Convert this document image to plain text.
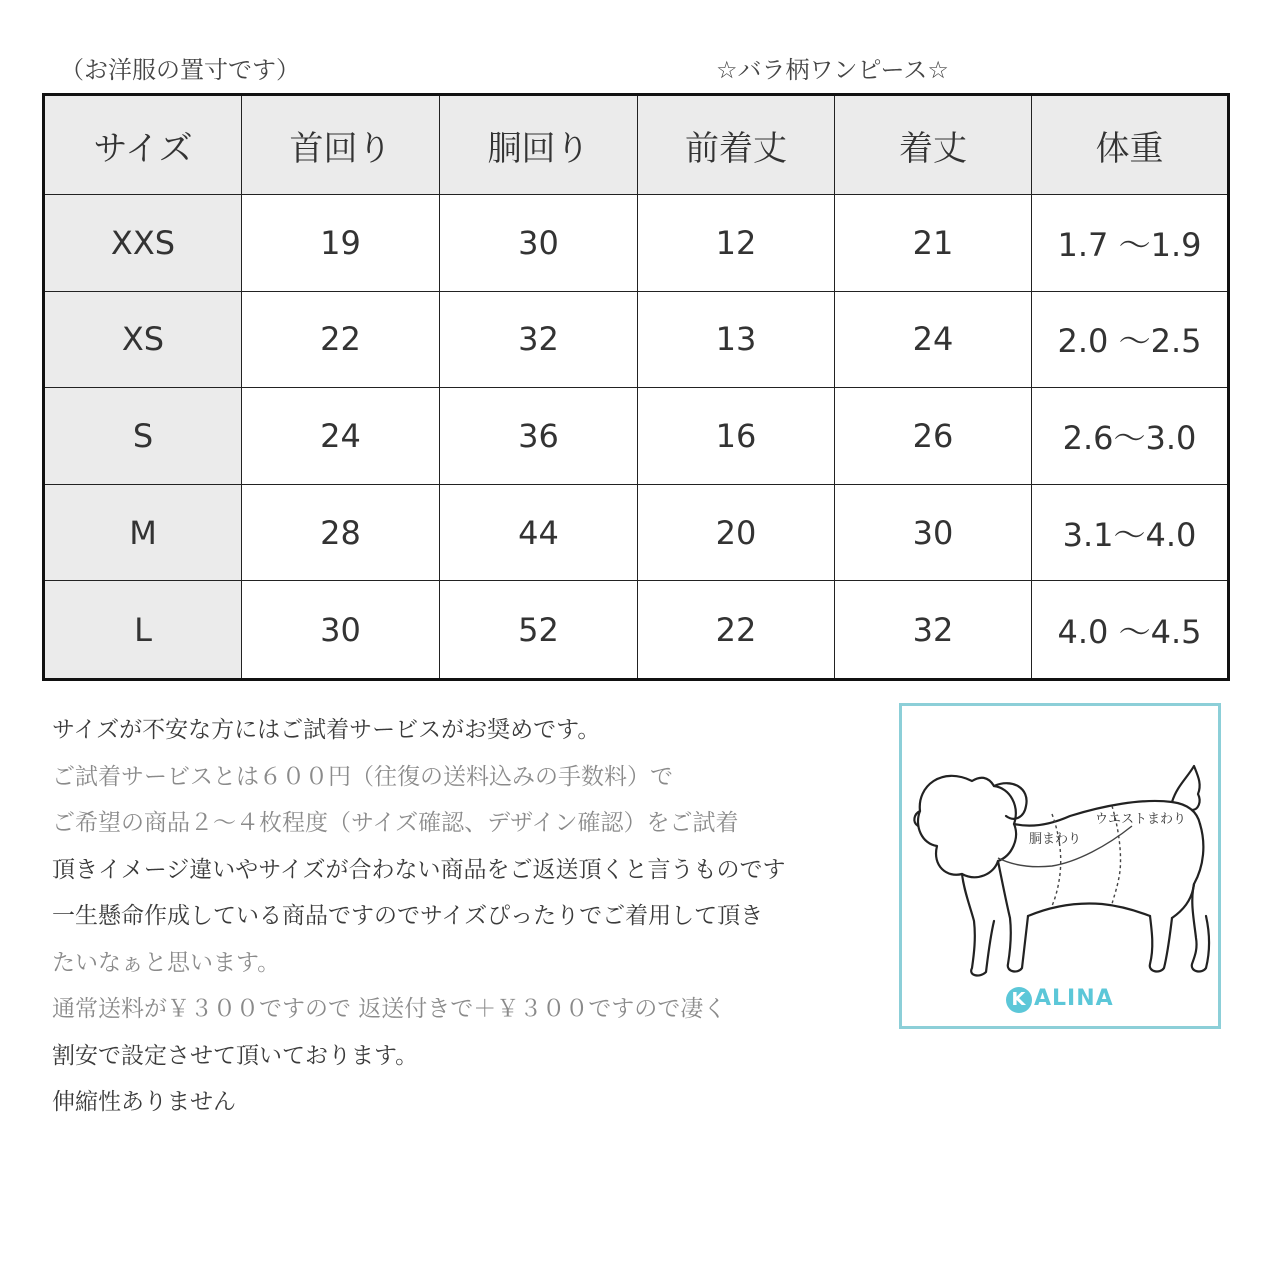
（お洋服の置寸です）	☆バラ柄ワンピース☆
サイズ	首回り	胴回り	前着丈	着丈	体重
XXS	19	30	12	21	1.7 〜1.9
XS	22	32	13	24	2.0 〜2.5
S	24	36	16	26	2.6〜3.0
M	28	44	20	30	3.1〜4.0
L	30	52	22	32	4.0 〜4.5
サイズが不安な方にはご試着サービスがお奨めです。
ご試着サービスとは６００円（往復の送料込みの手数料）で
ご希望の商品２〜４枚程度（サイズ確認、デザイン確認）をご試着
頂きイメージ違いやサイズが合わない商品をご返送頂くと言うものです
一生懸命作成している商品ですのでサイズぴったりでご着用して頂き
たいなぁと思います。
通常送料が￥３００ですので 返送付きで＋￥３００ですので凄く
割安で設定させて頂いております。
伸縮性ありません
ウエストまわり
胴まわり
K ALINA
